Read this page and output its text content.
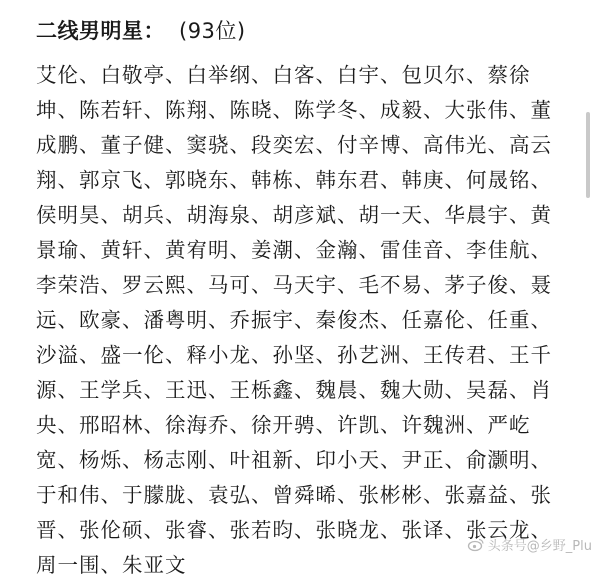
二线男明星： (93位)
艾伦、白敬亭、白举纲、白客、白宇、包贝尔、蔡徐
坤、陈若轩、陈翔、陈晓、陈学冬、成毅、大张伟、董
成鹏、董子健、窦骁、段奕宏、付辛博、高伟光、高云
翔、郭京飞、郭晓东、韩栋、韩东君、韩庚、何晟铭、
侯明昊、胡兵、胡海泉、胡彦斌、胡一天、华晨宇、黄
景瑜、黄轩、黄宥明、姜潮、金瀚、雷佳音、李佳航、
李荣浩、罗云熙、马可、马天宇、毛不易、茅子俊、聂
远、欧豪、潘粤明、乔振宇、秦俊杰、任嘉伦、任重、
沙溢、盛一伦、释小龙、孙坚、孙艺洲、王传君、王千
源、王学兵、王迅、王栎鑫、魏晨、魏大勋、吴磊、肖
央、邢昭林、徐海乔、徐开骋、许凯、许魏洲、严屹
宽、杨烁、杨志刚、叶祖新、印小天、尹正、俞灏明、
于和伟、于朦胧、袁弘、曾舜晞、张彬彬、张嘉益、张
晋、张伦硕、张睿、张若昀、张晓龙、张译、张云龙、
周一围、朱亚文
头条号@乡野_Plu
